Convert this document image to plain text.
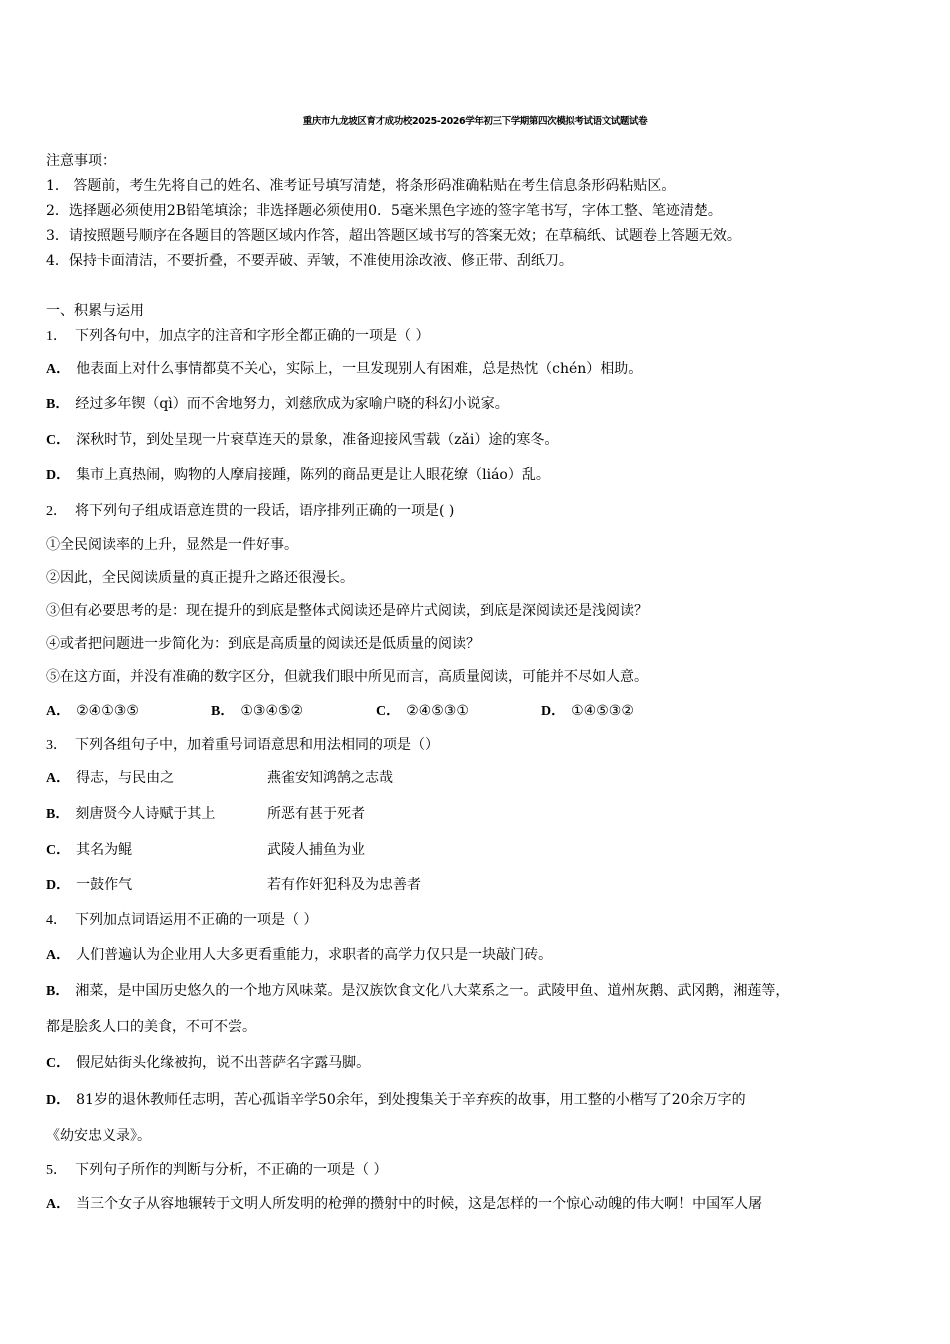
重庆市九龙坡区育才成功校2025-2026学年初三下学期第四次模拟考试语文试题试卷
注意事项：
1． 答题前，考生先将自己的姓名、准考证号填写清楚，将条形码准确粘贴在考生信息条形码粘贴区。
2．选择题必须使用2B铅笔填涂；非选择题必须使用0．5毫米黑色字迹的签字笔书写，字体工整、笔迹清楚。
3．请按照题号顺序在各题目的答题区域内作答，超出答题区域书写的答案无效；在草稿纸、试题卷上答题无效。
4．保持卡面清洁，不要折叠，不要弄破、弄皱，不准使用涂改液、修正带、刮纸刀。
一、积累与运用
1． 下列各句中，加点字的注音和字形全都正确的一项是（ ）
A． 他表面上对什么事情都莫不关心，实际上，一旦发现别人有困难，总是热忱（chén）相助。
B． 经过多年锲（qì）而不舍地努力，刘慈欣成为家喻户晓的科幻小说家。
C． 深秋时节，到处呈现一片衰草连天的景象，准备迎接风雪载（zǎi）途的寒冬。
D． 集市上真热闹，购物的人摩肩接踵，陈列的商品更是让人眼花缭（liáo）乱。
2． 将下列句子组成语意连贯的一段话，语序排列正确的一项是( )
①全民阅读率的上升，显然是一件好事。
②因此，全民阅读质量的真正提升之路还很漫长。
③但有必要思考的是：现在提升的到底是整体式阅读还是碎片式阅读，到底是深阅读还是浅阅读？
④或者把问题进一步简化为：到底是高质量的阅读还是低质量的阅读？
⑤在这方面，并没有准确的数字区分，但就我们眼中所见而言，高质量阅读，可能并不尽如人意。
A． ②④①③⑤	B． ①③④⑤②	C． ②④⑤③①	D． ①④⑤③②
3． 下列各组句子中，加着重号词语意思和用法相同的项是（）
A． 得志，与民由之	燕雀安知鸿鹄之志哉
B． 刻唐贤今人诗赋于其上	所恶有甚于死者
C． 其名为鲲	武陵人捕鱼为业
D． 一鼓作气	若有作奸犯科及为忠善者
4． 下列加点词语运用不正确的一项是（ ）
A． 人们普遍认为企业用人大多更看重能力，求职者的高学力仅只是一块敲门砖。
B． 湘菜，是中国历史悠久的一个地方风味菜。是汉族饮食文化八大菜系之一。武陵甲鱼、道州灰鹅、武冈鹅，湘莲等，
都是脍炙人口的美食，不可不尝。
C． 假尼姑街头化缘被拘，说不出菩萨名字露马脚。
D． 81岁的退休教师任志明，苦心孤诣辛学50余年，到处搜集关于辛弃疾的故事，用工整的小楷写了20余万字的
《幼安忠义录》。
5． 下列句子所作的判断与分析，不正确的一项是（ ）
A． 当三个女子从容地辗转于文明人所发明的枪弹的攒射中的时候，这是怎样的一个惊心动魄的伟大啊！中国军人屠
